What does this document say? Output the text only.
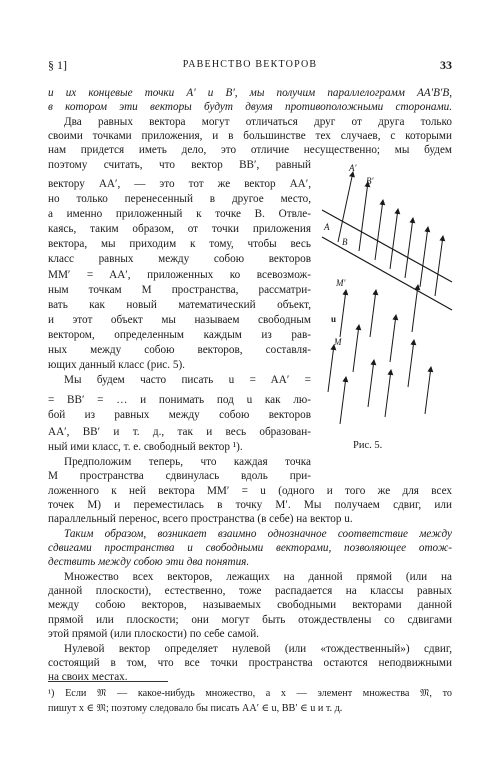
§ 1]	РАВЕНСТВО ВЕКТОРОВ	33
и их концевые точки A′ и B′, мы получим параллелограмм AA′B′B,
в котором эти векторы будут двумя противоположными сторонами.
Два равных вектора могут отличаться друг от друга только
своими точками приложения, и в большинстве тех случаев, с которыми
нам придется иметь дело, это отличие несущественно; мы будем
поэтому считать, что вектор BB′, равный
вектору AA′, — это тот же вектор AA′,
но только перенесенный в другое место,
а именно приложенный к точке B. Отвле-
каясь, таким образом, от точки приложения
вектора, мы приходим к тому, чтобы весь
класс равных между собою векторов
MM′ = AA′, приложенных ко всевозмож-
ным точкам M пространства, рассматри-
вать как новый математический объект,
и этот объект мы называем свободным
вектором, определенным каждым из рав-
ных между собою векторов, составля-
ющих данный класс (рис. 5).
Мы будем часто писать u = AA′ =
= BB′ = … и понимать под u как лю-
бой из равных между собою векторов
AA′, BB′ и т. д., так и весь образован-
ный ими класс, т. е. свободный вектор ¹).
Предположим теперь, что каждая точка
M пространства сдвинулась вдоль при-
ложенного к ней вектора MM′ = u (одного и того же для всех
точек M) и переместилась в точку M′. Мы получаем сдвиг, или
параллельный перенос, всего пространства (в себе) на вектор u.
Таким образом, возникает взаимно однозначное соответствие между
сдвигами пространства и свободными векторами, позволяющее отож-
дествить между собою эти два понятия.
Множество всех векторов, лежащих на данной прямой (или на
данной плоскости), естественно, тоже распадается на классы равных
между собою векторов, называемых свободными векторами данной
прямой или плоскости; они могут быть отождествлены со сдвигами
этой прямой (или плоскости) по себе самой.
Нулевой вектор определяет нулевой (или «тождественный») сдвиг,
состоящий в том, что все точки пространства остаются неподвижными
на своих местах.
¹) Если 𝔐 — какое-нибудь множество, а x — элемент множества 𝔐, то
пишут x ∈ 𝔐; поэтому следовало бы писать AA′ ∈ u, BB′ ∈ u и т. д.
A′
B′
A
B
M′
u
M
Рис. 5.
